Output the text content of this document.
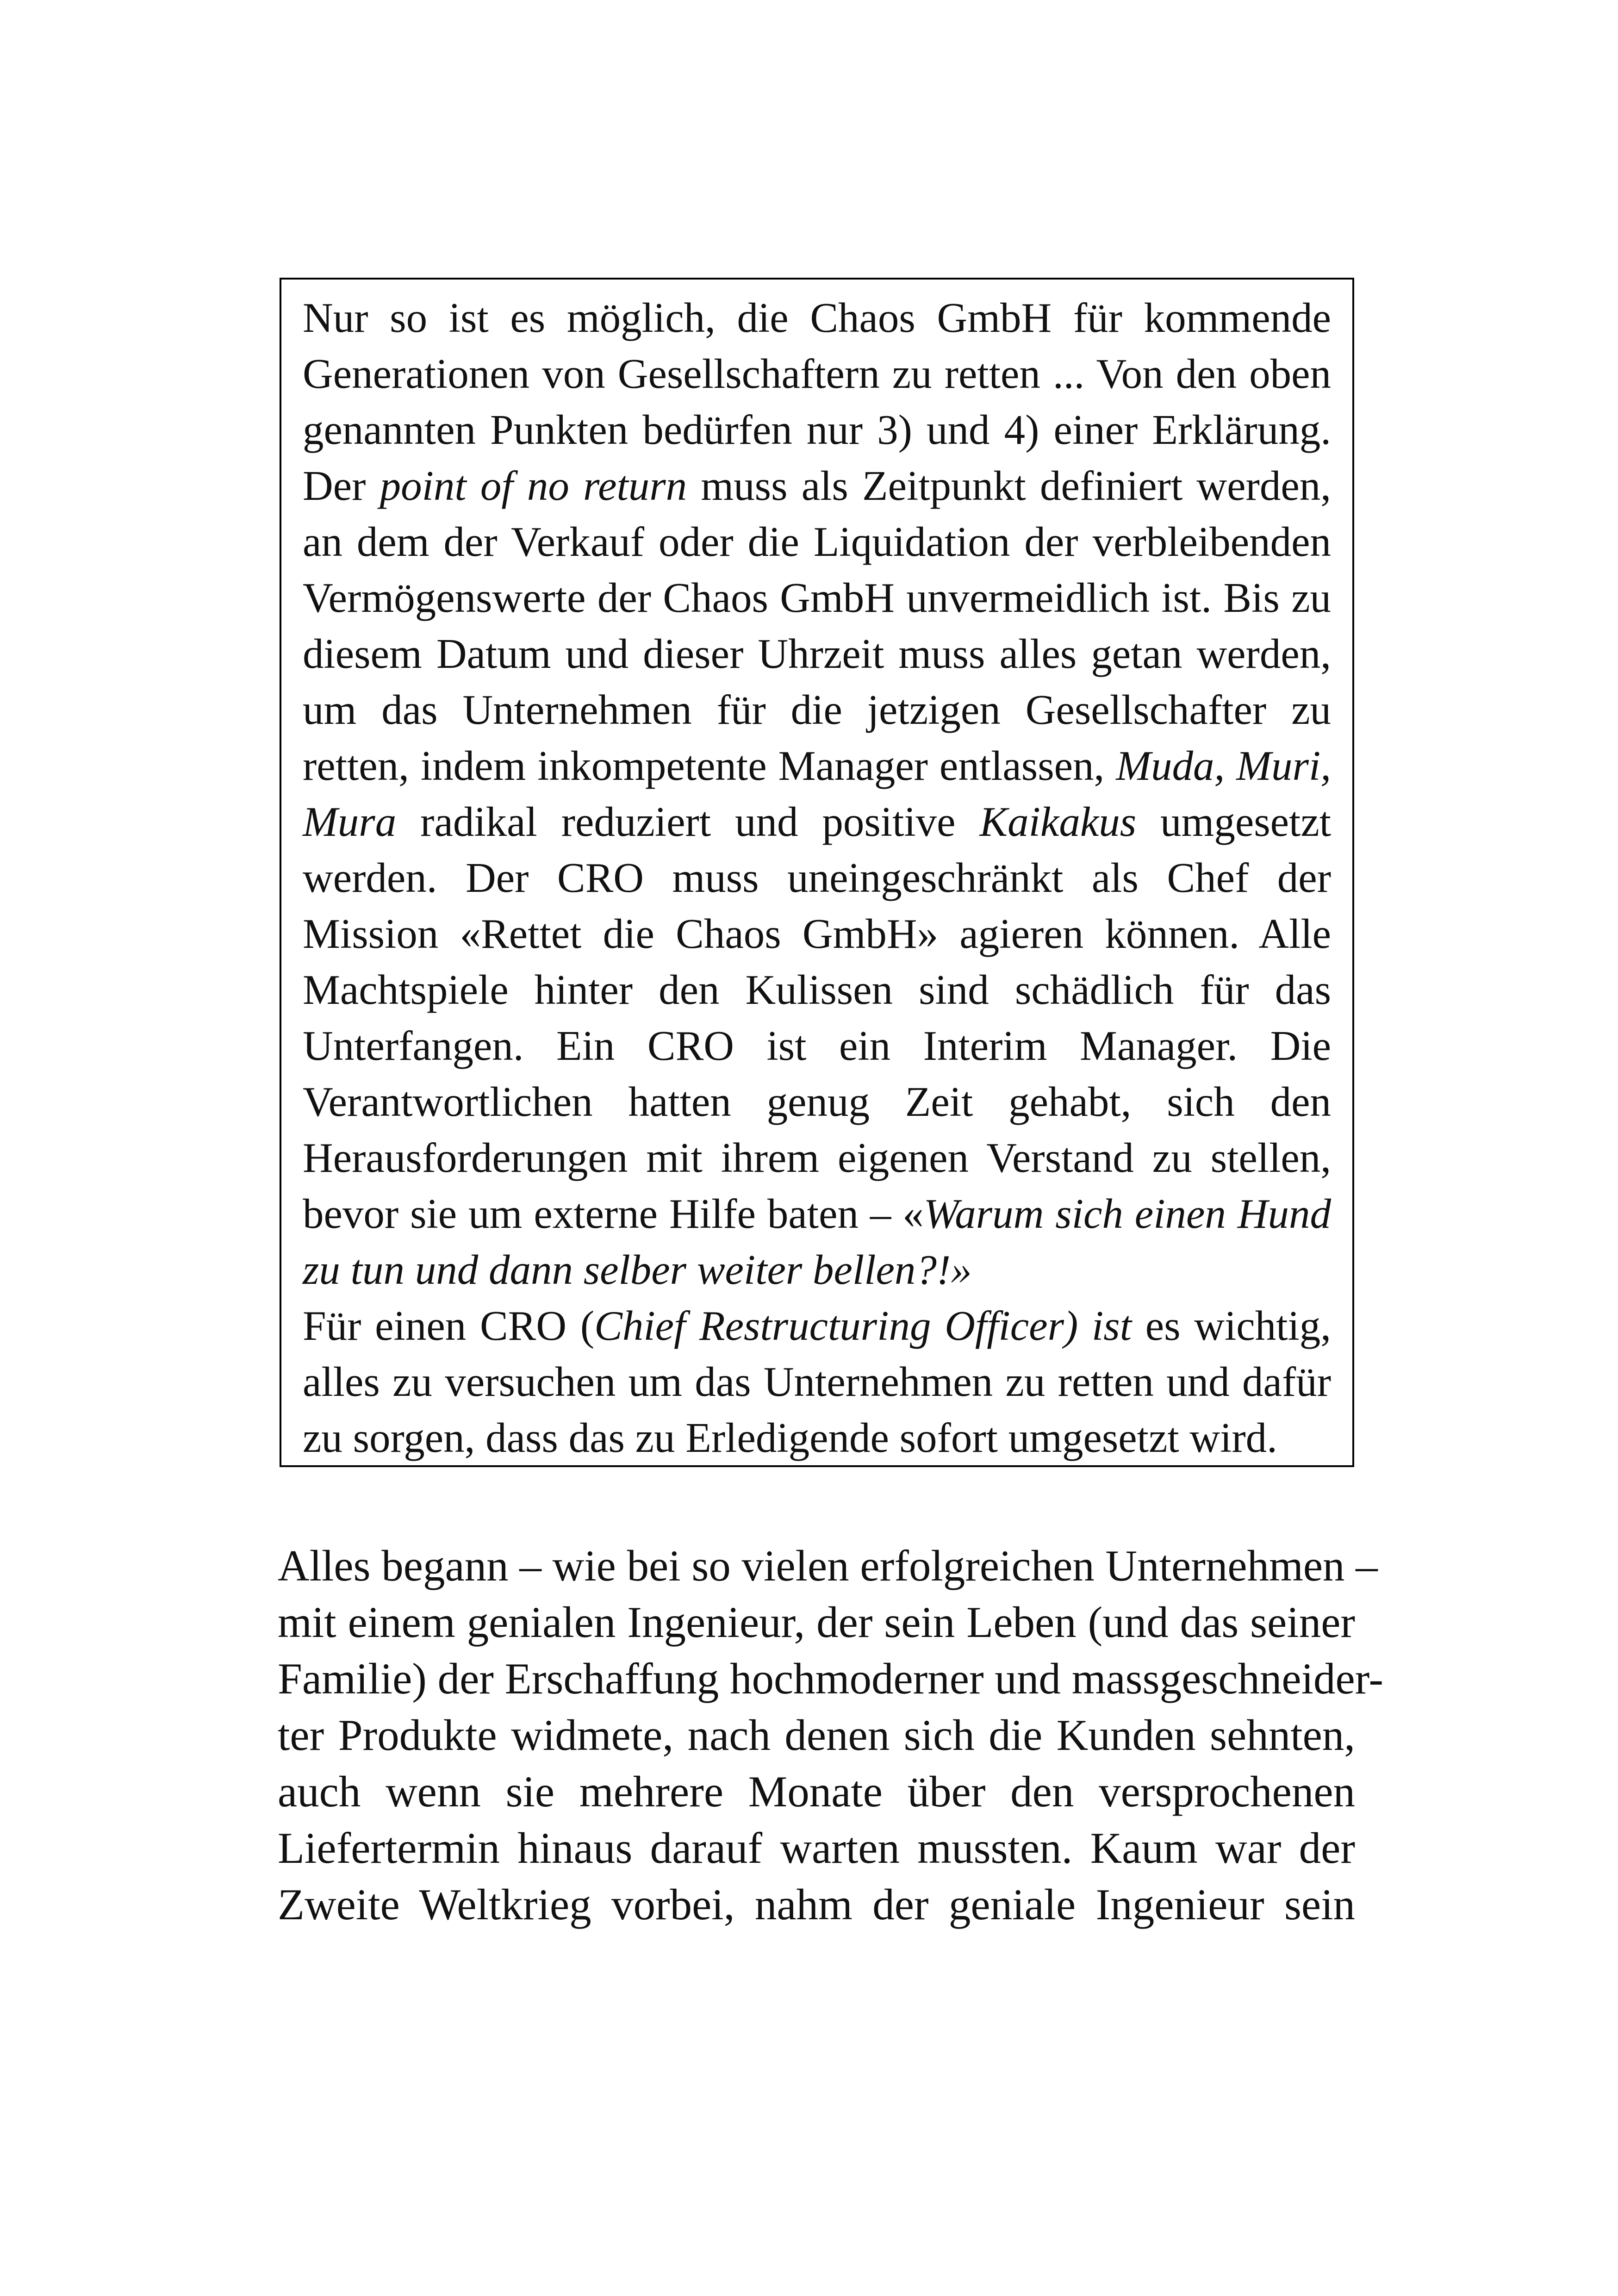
Nur so ist es möglich, die Chaos GmbH für kommende
Generationen von Gesellschaftern zu retten ... Von den oben
genannten Punkten bedürfen nur 3) und 4) einer Erklärung.
Der point of no return muss als Zeitpunkt definiert werden,
an dem der Verkauf oder die Liquidation der verbleibenden
Vermögenswerte der Chaos GmbH unvermeidlich ist. Bis zu
diesem Datum und dieser Uhrzeit muss alles getan werden,
um das Unternehmen für die jetzigen Gesellschafter zu
retten, indem inkompetente Manager entlassen, Muda, Muri,
Mura radikal reduziert und positive Kaikakus umgesetzt
werden. Der CRO muss uneingeschränkt als Chef der
Mission «Rettet die Chaos GmbH» agieren können. Alle
Machtspiele hinter den Kulissen sind schädlich für das
Unterfangen. Ein CRO ist ein Interim Manager. Die
Verantwortlichen hatten genug Zeit gehabt, sich den
Herausforderungen mit ihrem eigenen Verstand zu stellen,
bevor sie um externe Hilfe baten – «Warum sich einen Hund
zu tun und dann selber weiter bellen?!»
Für einen CRO (Chief Restructuring Officer) ist es wichtig,
alles zu versuchen um das Unternehmen zu retten und dafür
zu sorgen, dass das zu Erledigende sofort umgesetzt wird.
Alles begann – wie bei so vielen erfolgreichen Unternehmen –
mit einem genialen Ingenieur, der sein Leben (und das seiner
Familie) der Erschaffung hochmoderner und massgeschneider-
ter Produkte widmete, nach denen sich die Kunden sehnten,
auch wenn sie mehrere Monate über den versprochenen
Liefertermin hinaus darauf warten mussten. Kaum war der
Zweite Weltkrieg vorbei, nahm der geniale Ingenieur sein
